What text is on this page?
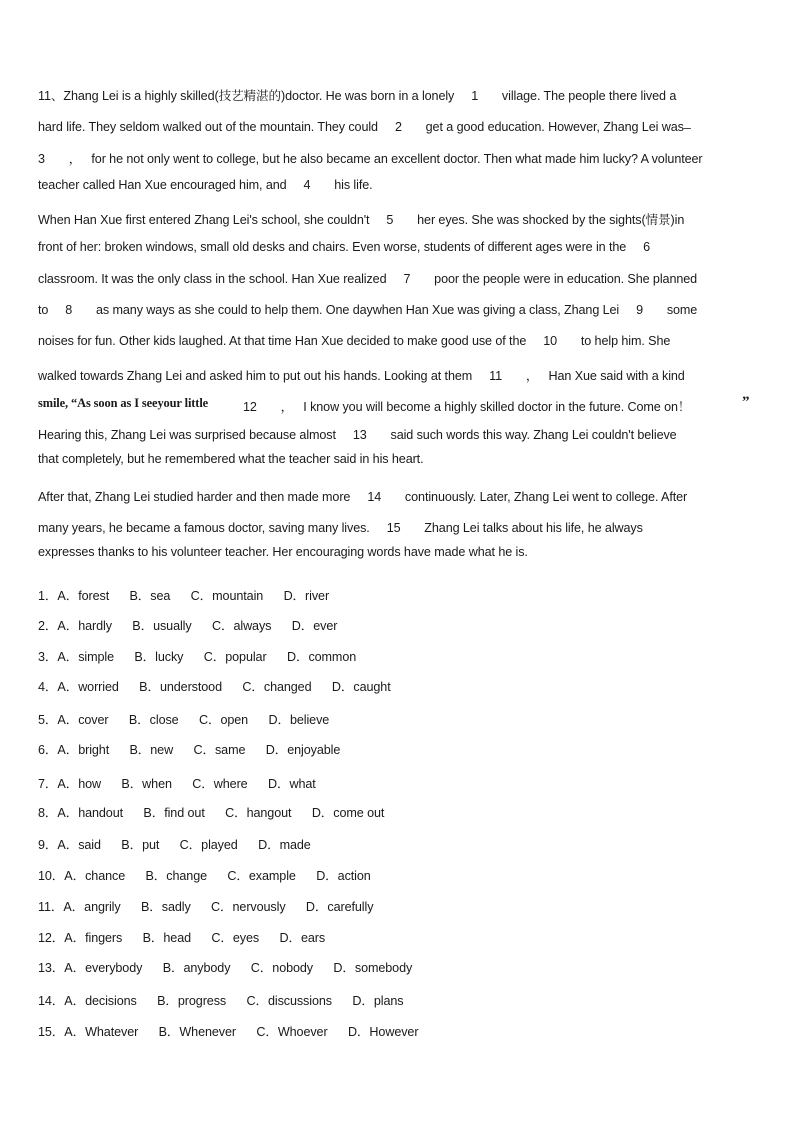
11、Zhang Lei is a highly skilled(技艺精湛的)doctor. He was born in a lonely     1       village. The people there lived a
hard life. They seldom walked out of the mountain. They could     2       get a good education. However, Zhang Lei was ̶
3       ，   for he not only went to college, but he also became an excellent doctor. Then what made him lucky? A volunteer
teacher called Han Xue encouraged him, and     4       his life.
When Han Xue first entered Zhang Lei's school, she couldn't     5       her eyes. She was shocked by the sights(情景)in
front of her: broken windows, small old desks and chairs. Even worse, students of different ages were in the     6
classroom. It was the only class in the school. Han Xue realized     7       poor the people were in education. She planned
to     8       as many ways as she could to help them. One daywhen Han Xue was giving a class, Zhang Lei     9       some
noises for fun. Other kids laughed. At that time Han Xue decided to make good use of the     10       to help him. She
walked towards Zhang Lei and asked him to put out his hands. Looking at them     11       ，   Han Xue said with a kind
smile, “As soon as I seeyour little 12       ，   I know you will become a highly skilled doctor in the future. Come on！	”
Hearing this, Zhang Lei was surprised because almost     13       said such words this way. Zhang Lei couldn't believe
that completely, but he remembered what the teacher said in his heart.
After that, Zhang Lei studied harder and then made more     14       continuously. Later, Zhang Lei went to college. After
many years, he became a famous doctor, saving many lives.     15       Zhang Lei talks about his life, he always
expresses thanks to his volunteer teacher. Her encouraging words have made what he is.
1．A．forest      B．sea      C．mountain      D．river
2．A．hardly      B．usually      C．always      D．ever
3．A．simple      B．lucky      C．popular      D．common
4．A．worried      B．understood      C．changed      D．caught
5．A．cover      B．close      C．open      D．believe
6．A．bright      B．new      C．same      D．enjoyable
7．A．how      B．when      C．where      D．what
8．A．handout      B．find out      C．hangout      D．come out
9．A．said      B．put      C．played      D．made
10．A．chance      B．change      C．example      D．action
11．A．angrily      B．sadly      C．nervously      D．carefully
12．A．fingers      B．head      C．eyes      D．ears
13．A．everybody      B．anybody      C．nobody      D．somebody
14．A．decisions      B．progress      C．discussions      D．plans
15．A．Whatever      B．Whenever      C．Whoever      D．However
